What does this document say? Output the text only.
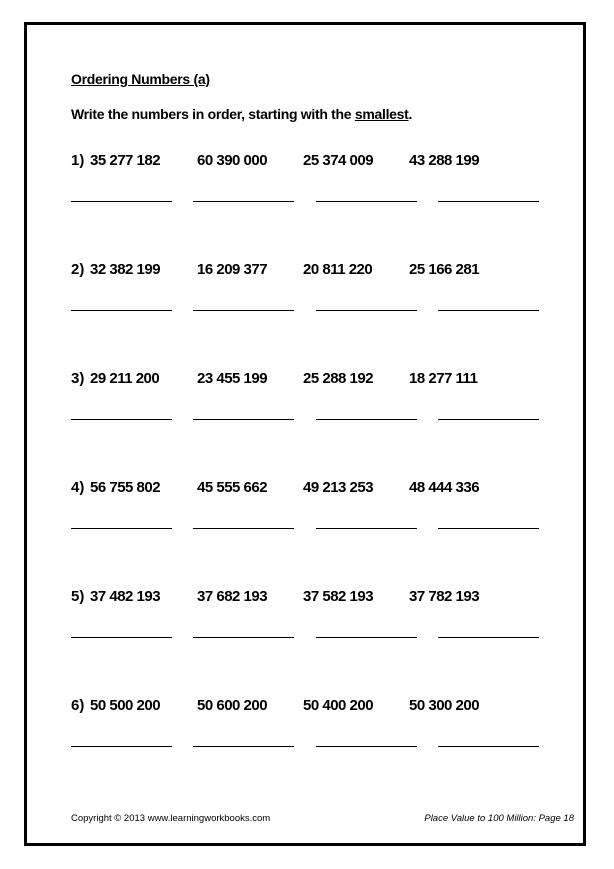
Ordering Numbers (a)
Write the numbers in order, starting with the smallest.
1) 35 277 182 60 390 000 25 374 009 43 288 199
2) 32 382 199 16 209 377 20 811 220 25 166 281
3) 29 211 200	23 455 199 25 288 192 18 277 111
4) 56 755 802 45 555 662 49 213 253 48 444 336
5) 37 482 193 37 682 193 37 582 193 37 782 193
6) 50 500 200 50 600 200 50 400 200 50 300 200
Copyright © 2013 www.learningworkbooks.com	Place Value to 100 Million: Page 18
